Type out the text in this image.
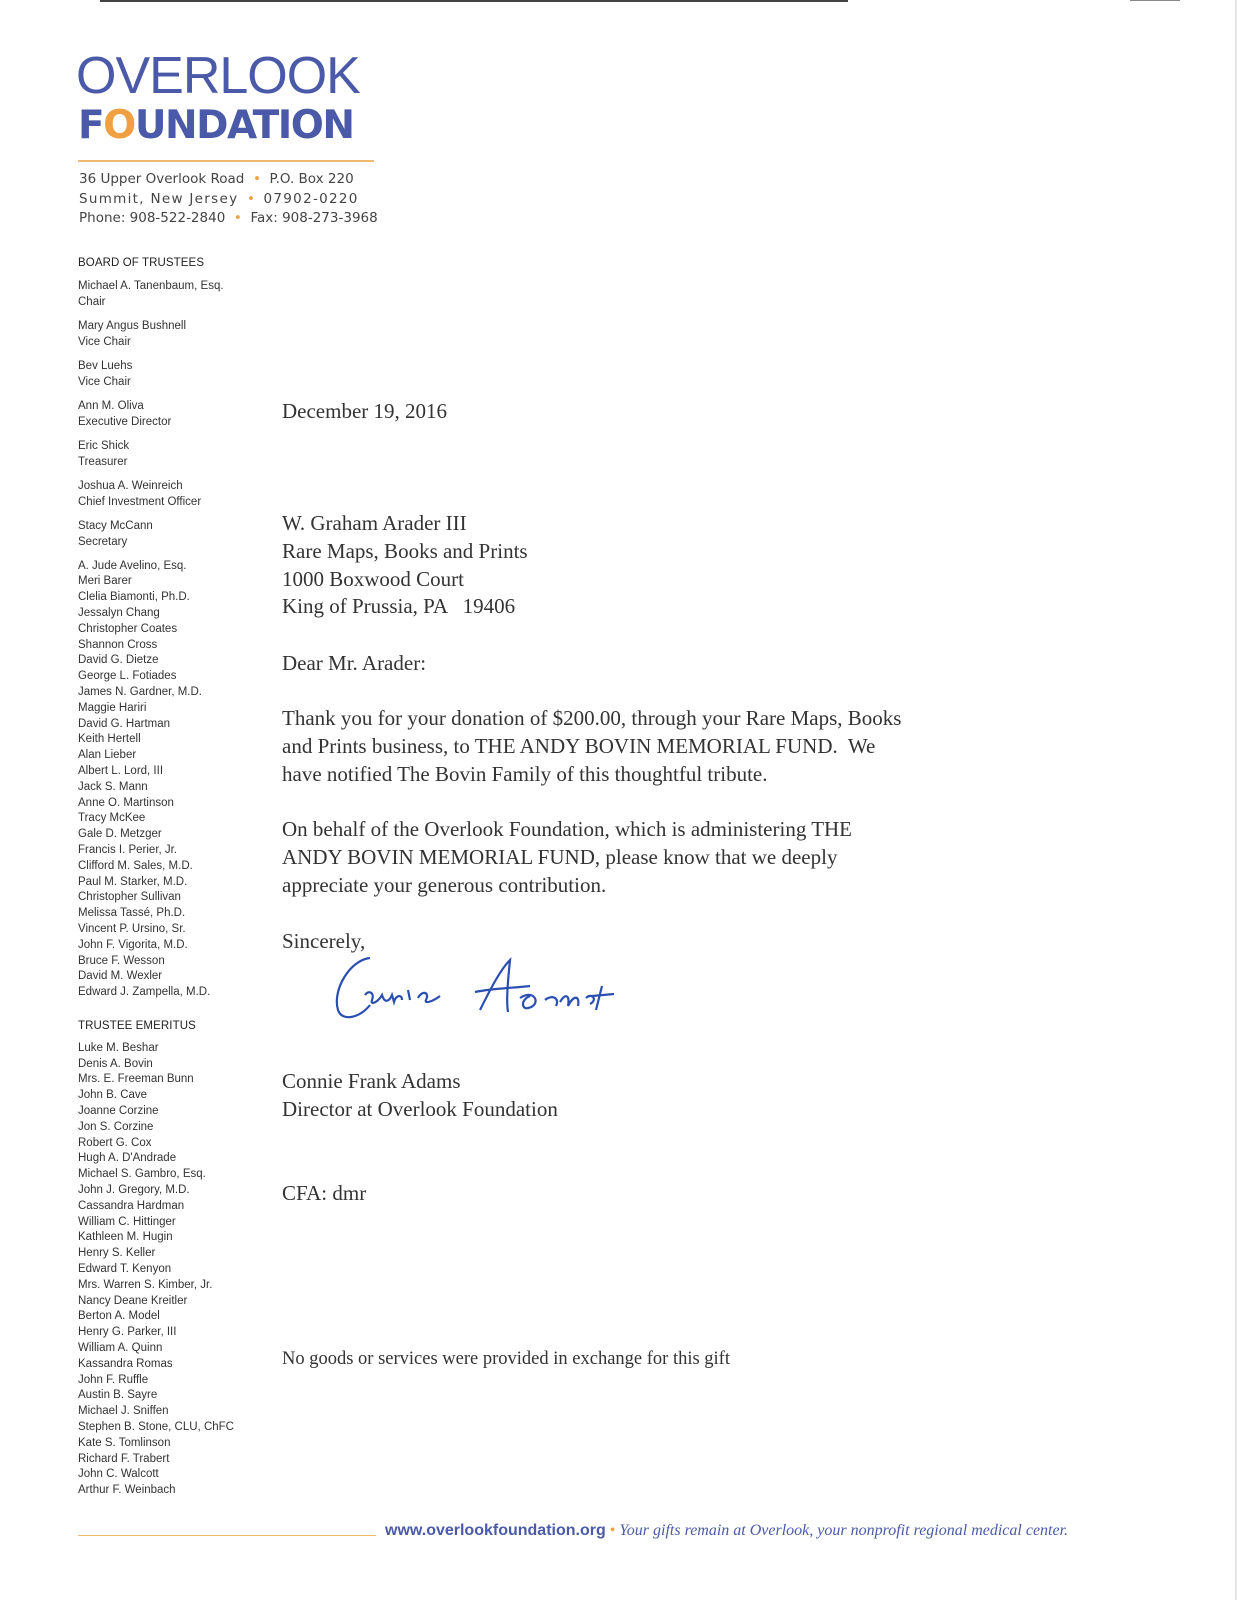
OVERLOOK
FOUNDATION
36 Upper Overlook Road • P.O. Box 220
Summit, New Jersey • 07902-0220
Phone: 908-522-2840 • Fax: 908-273-3968
BOARD OF TRUSTEES
Michael A. Tanenbaum, Esq.
Chair
Mary Angus Bushnell
Vice Chair
Bev Luehs
Vice Chair
Ann M. Oliva
Executive Director
Eric Shick
Treasurer
Joshua A. Weinreich
Chief Investment Officer
Stacy McCann
Secretary
A. Jude Avelino, Esq.
Meri Barer
Clelia Biamonti, Ph.D.
Jessalyn Chang
Christopher Coates
Shannon Cross
David G. Dietze
George L. Fotiades
James N. Gardner, M.D.
Maggie Hariri
David G. Hartman
Keith Hertell
Alan Lieber
Albert L. Lord, III
Jack S. Mann
Anne O. Martinson
Tracy McKee
Gale D. Metzger
Francis I. Perier, Jr.
Clifford M. Sales, M.D.
Paul M. Starker, M.D.
Christopher Sullivan
Melissa Tassé, Ph.D.
Vincent P. Ursino, Sr.
John F. Vigorita, M.D.
Bruce F. Wesson
David M. Wexler
Edward J. Zampella, M.D.
TRUSTEE EMERITUS
Luke M. Beshar
Denis A. Bovin
Mrs. E. Freeman Bunn
John B. Cave
Joanne Corzine
Jon S. Corzine
Robert G. Cox
Hugh A. D'Andrade
Michael S. Gambro, Esq.
John J. Gregory, M.D.
Cassandra Hardman
William C. Hittinger
Kathleen M. Hugin
Henry S. Keller
Edward T. Kenyon
Mrs. Warren S. Kimber, Jr.
Nancy Deane Kreitler
Berton A. Model
Henry G. Parker, III
William A. Quinn
Kassandra Romas
John F. Ruffle
Austin B. Sayre
Michael J. Sniffen
Stephen B. Stone, CLU, ChFC
Kate S. Tomlinson
Richard F. Trabert
John C. Walcott
Arthur F. Weinbach
December 19, 2016
W. Graham Arader III
Rare Maps, Books and Prints
1000 Boxwood Court
King of Prussia, PA   19406
Dear Mr. Arader:
Thank you for your donation of $200.00, through your Rare Maps, Books
and Prints business, to THE ANDY BOVIN MEMORIAL FUND.  We
have notified The Bovin Family of this thoughtful tribute.
On behalf of the Overlook Foundation, which is administering THE
ANDY BOVIN MEMORIAL FUND, please know that we deeply
appreciate your generous contribution.
Sincerely,
Connie Frank Adams
Director at Overlook Foundation
CFA: dmr
No goods or services were provided in exchange for this gift
www.overlookfoundation.org • Your gifts remain at Overlook, your nonprofit regional medical center.
